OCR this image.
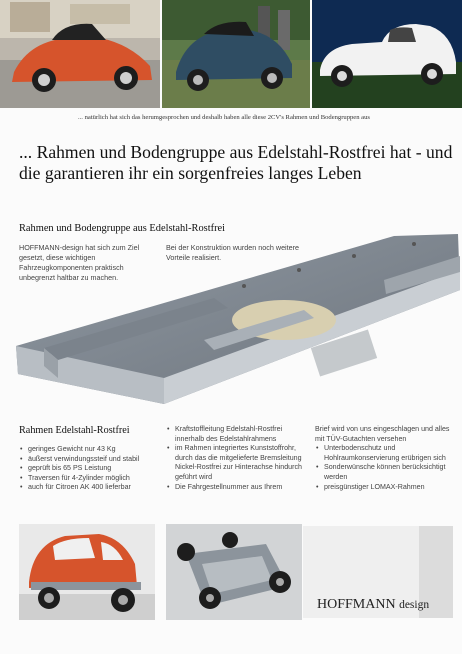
... natürlich hat sich das herumgesprochen und deshalb haben alle diese 2CV's Rahmen und Bodengruppen aus
... Rahmen und Bodengruppe aus Edelstahl-Rostfrei hat - und die garantieren ihr ein sorgenfreies langes Leben
Rahmen und Bodengruppe aus Edelstahl-Rostfrei
HOFFMANN-design hat sich zum Ziel gesetzt, diese wichtigen Fahrzeugkomponenten praktisch unbegrenzt haltbar zu machen.
Bei der Konstruktion wurden noch weitere Vorteile realisiert.
Rahmen Edelstahl-Rostfrei
• geringes Gewicht nur 43 Kg
• äußerst verwindungssteif und stabil
• geprüft bis 65 PS Leistung
• Traversen für 4-Zylinder möglich
• auch für Citroen AK 400 lieferbar
• Kraftstoffleitung Edelstahl-Rostfrei innerhalb des Edelstahlrahmens
• im Rahmen integriertes Kunststoffrohr, durch das die mitgelieferte Bremsleitung Nickel-Rostfrei zur Hinterachse hindurch geführt wird
• Die Fahrgestellnummer aus Ihrem
Brief wird von uns eingeschlagen und alles mit TÜV-Gutachten versehen
• Unterbodenschutz und Hohlraumkonservierung erübrigen sich
• Sonderwünsche können berücksichtigt werden
• preisgünstiger LOMAX-Rahmen
HOFFMANN design
